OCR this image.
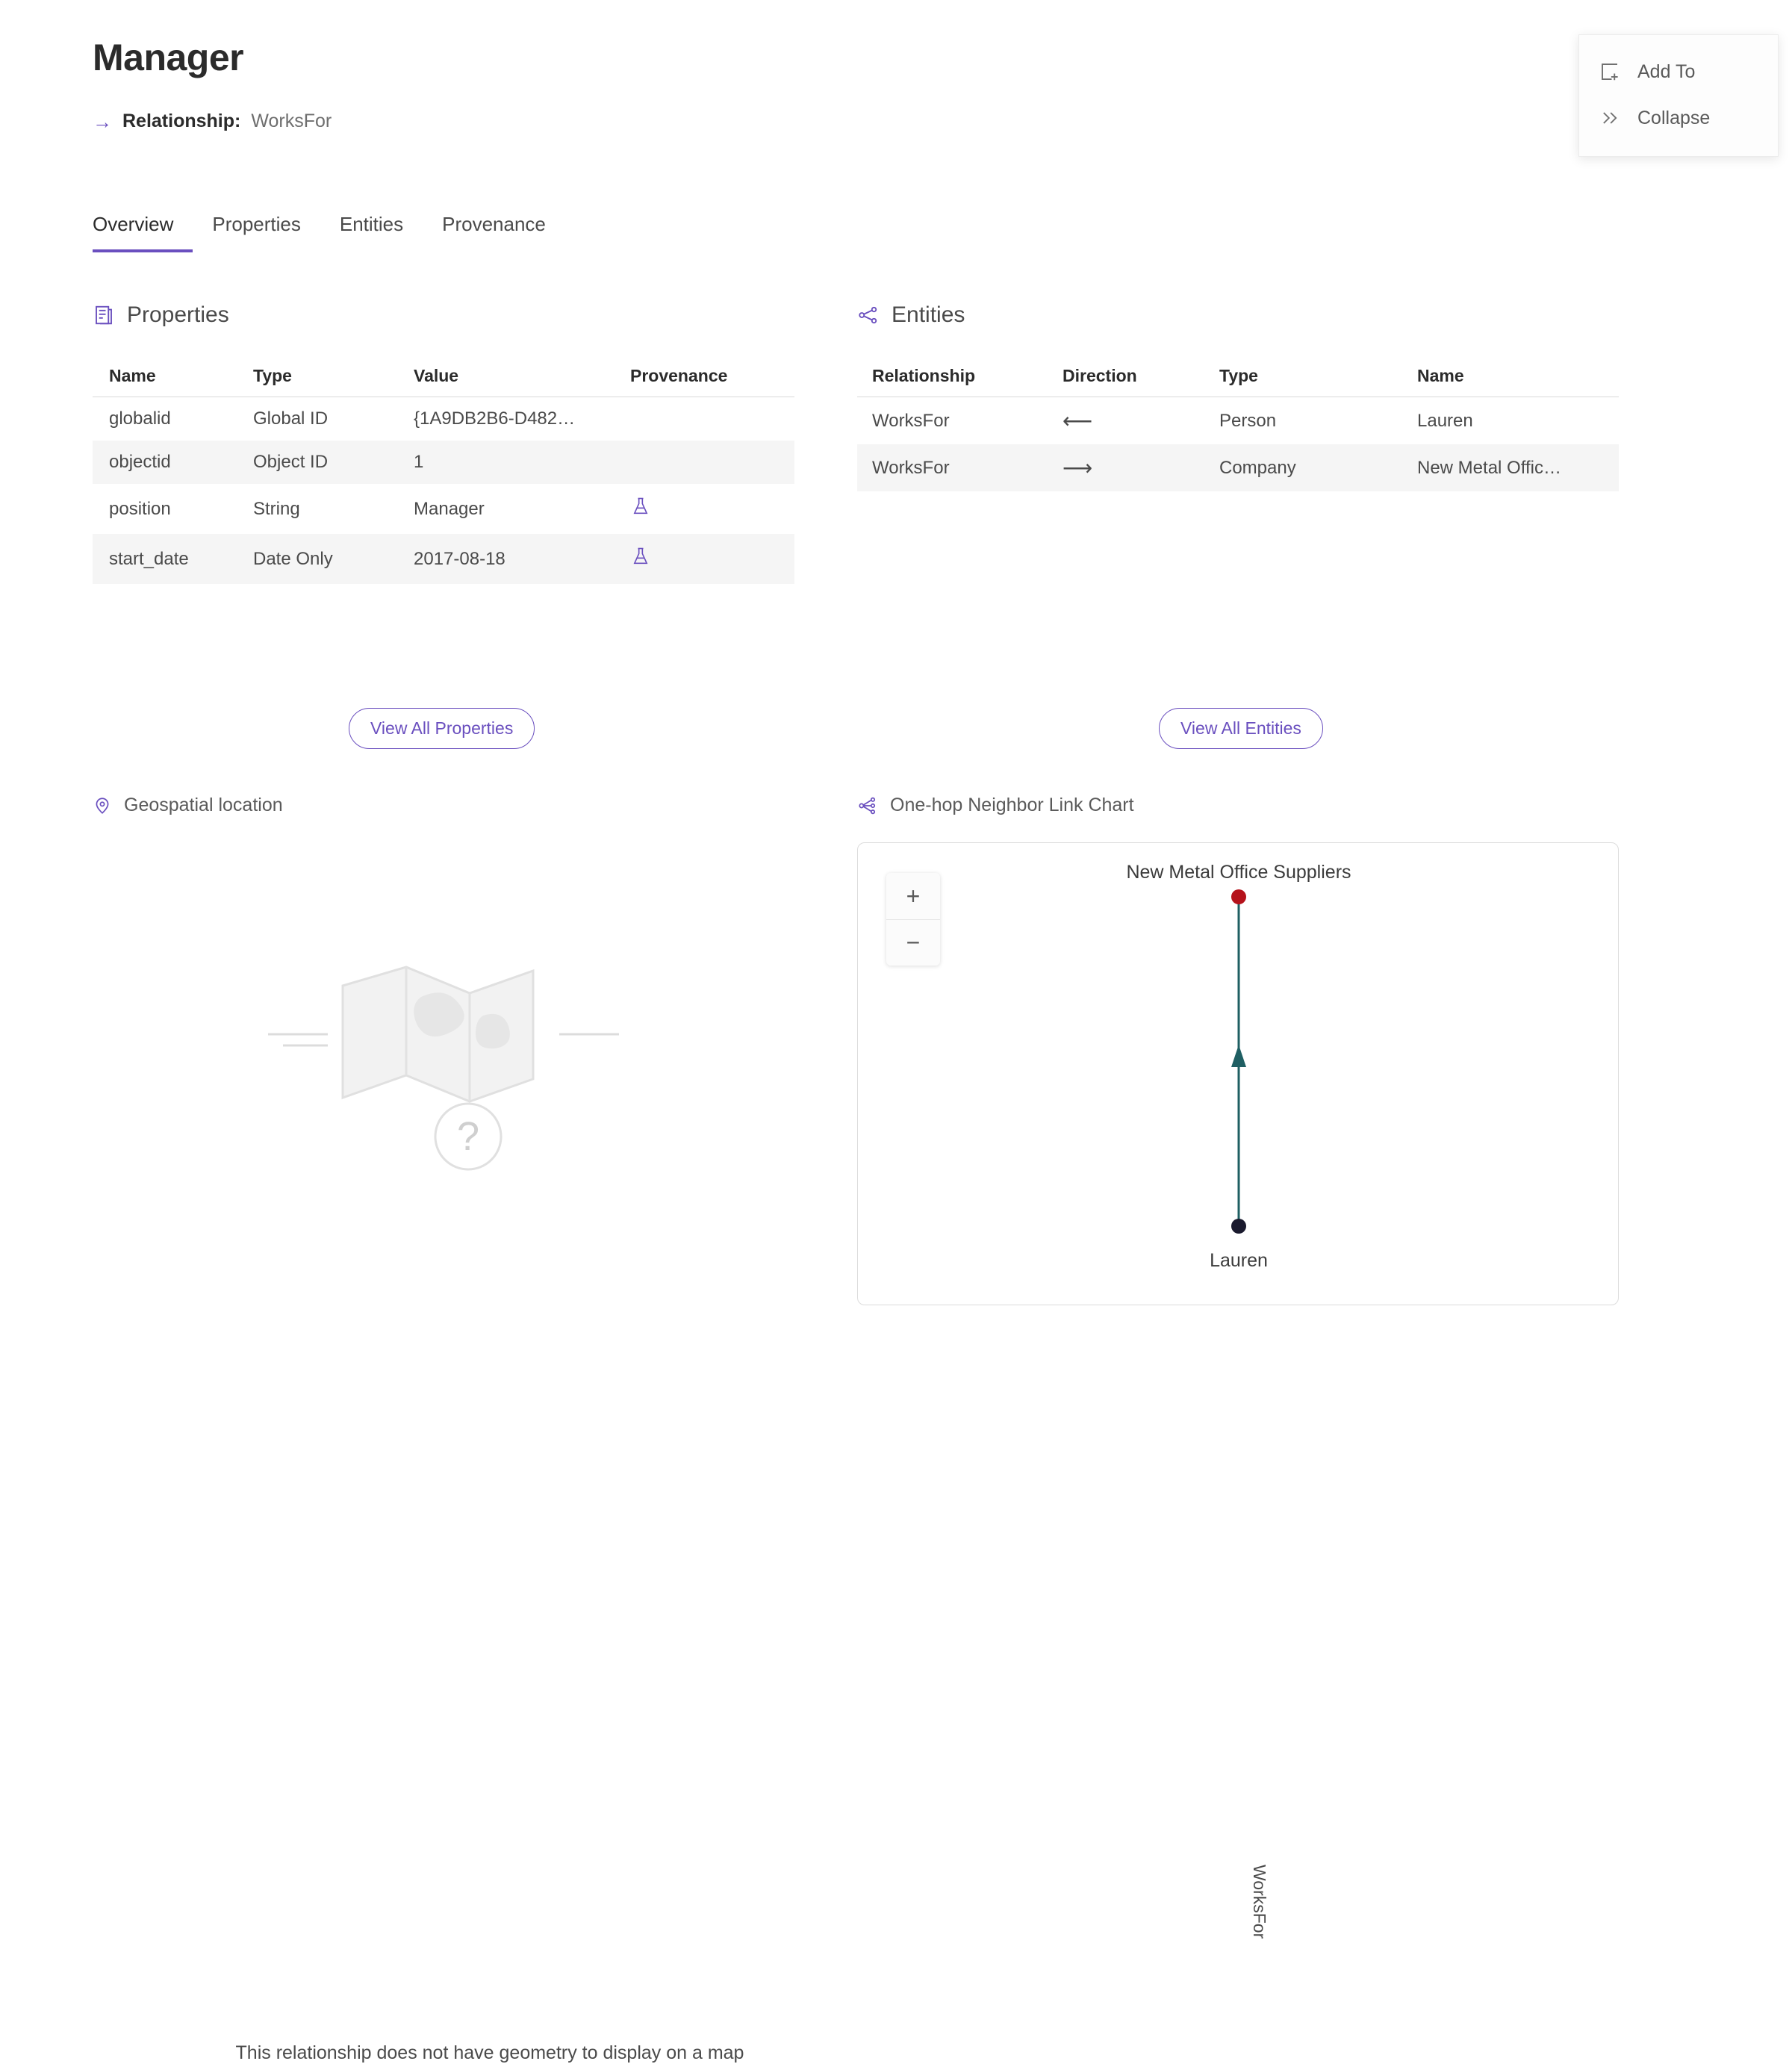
Manager
→ Relationship: WorksFor
Add To
Collapse
Overview	Properties	Entities	Provenance
Properties
Name	Type	Value	Provenance
globalid	Global ID	{1A9DB2B6-D482…	
objectid	Object ID	1	
position	String	Manager	

start_date	Date Only	2017-08-18	
View All Properties
Entities
Relationship	Direction	Type	Name
WorksFor	⟵	Person	Lauren
WorksFor	⟶	Company	New Metal Offic…
View All Entities
Geospatial location
?
This relationship does not have geometry to display on a map
One-hop Neighbor Link Chart
+
−
New Metal Office Suppliers
WorksFor
Lauren
